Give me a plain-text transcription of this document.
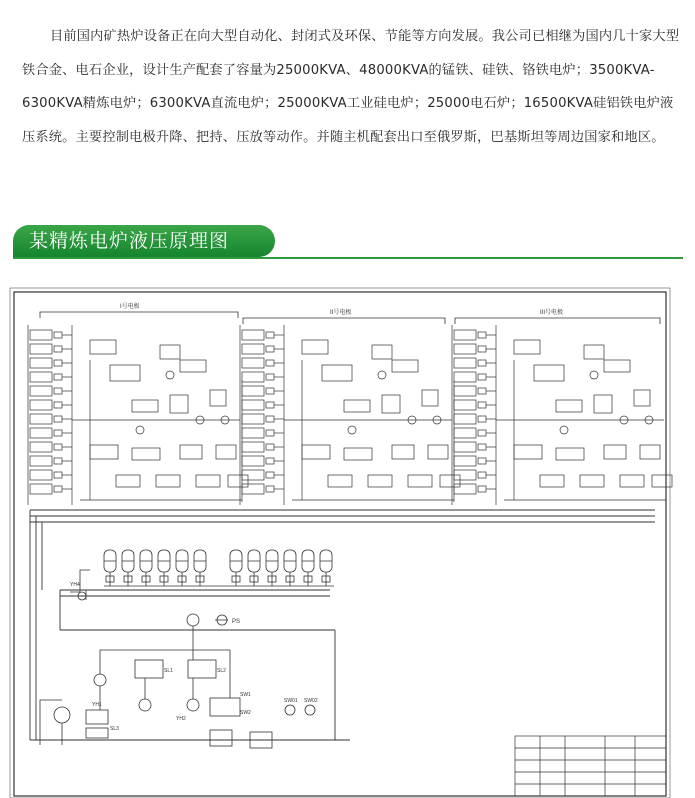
目前国内矿热炉设备正在向大型自动化、封闭式及环保、节能等方向发展。我公司已相继为国内几十家大型铁合金、电石企业，设计生产配套了容量为25000KVA、48000KVA的锰铁、硅铁、铬铁电炉；3500KVA-6300KVA精炼电炉；6300KVA直流电炉；25000KVA工业硅电炉；25000电石炉；16500KVA硅铝铁电炉液压系统。主要控制电极升降、把持、压放等动作。并随主机配套出口至俄罗斯，巴基斯坦等周边国家和地区。

某精炼电炉液压原理图
I号电极
II号电极	III号电极
PS
SL1	SL2
SL3
YH1
YH2
YH4
SW1
SW2
SW01 SW02
